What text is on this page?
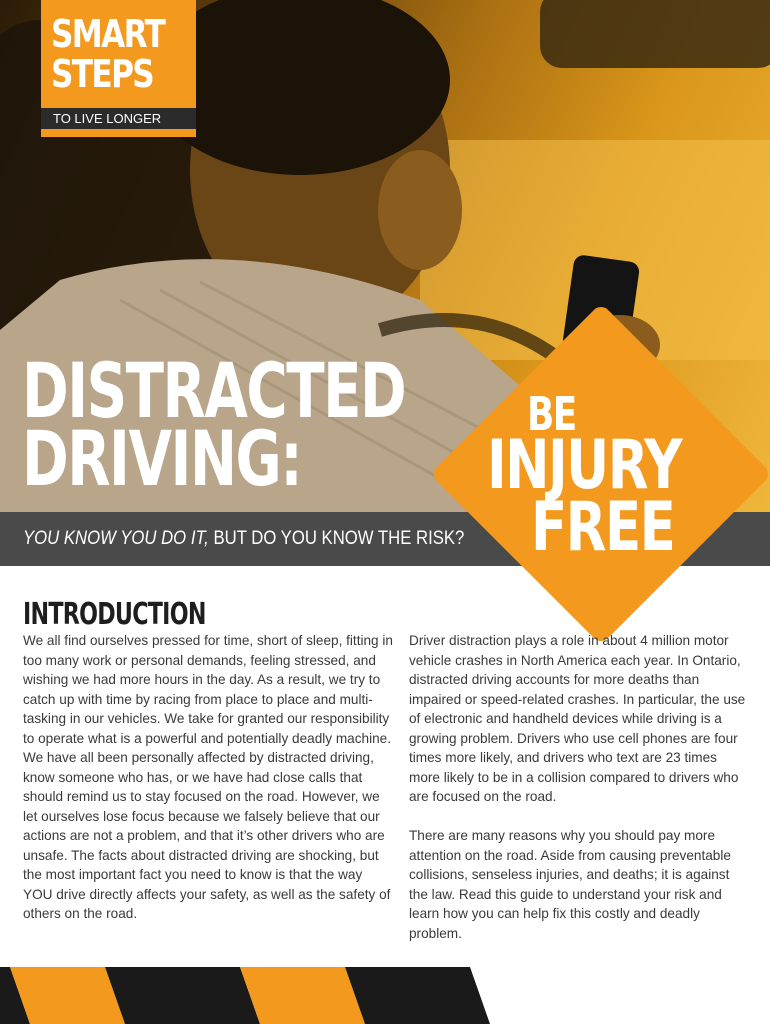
SMART
STEPS
TO LIVE LONGER
DISTRACTED
DRIVING:
YOU KNOW YOU DO IT, BUT DO YOU KNOW THE RISK?
BE
INJURY
FREE
INTRODUCTION

We all find ourselves pressed for time, short of sleep, fitting in too many work or personal demands, feeling stressed, and wishing we had more hours in the day. As a result, we try to catch up with time by racing from place to place and multi-tasking in our vehicles. We take for granted our responsibility to operate what is a powerful and potentially deadly machine. We have all been personally affected by distracted driving, know someone who has, or we have had close calls that should remind us to stay focused on the road. However, we let ourselves lose focus because we falsely believe that our actions are not a problem, and that it’s other drivers who are unsafe. The facts about distracted driving are shocking, but the most important fact you need to know is that the way YOU drive directly affects your safety, as well as the safety of others on the road.

Driver distraction plays a role in about 4 million motor vehicle crashes in North America each year. In Ontario, distracted driving accounts for more deaths than impaired or speed-related crashes. In particular, the use of electronic and handheld devices while driving is a growing problem. Drivers who use cell phones are four times more likely, and drivers who text are 23 times more likely to be in a collision compared to drivers who are focused on the road.

There are many reasons why you should pay more attention on the road. Aside from causing preventable collisions, senseless injuries, and deaths; it is against the law. Read this guide to understand your risk and learn how you can help fix this costly and deadly problem.
